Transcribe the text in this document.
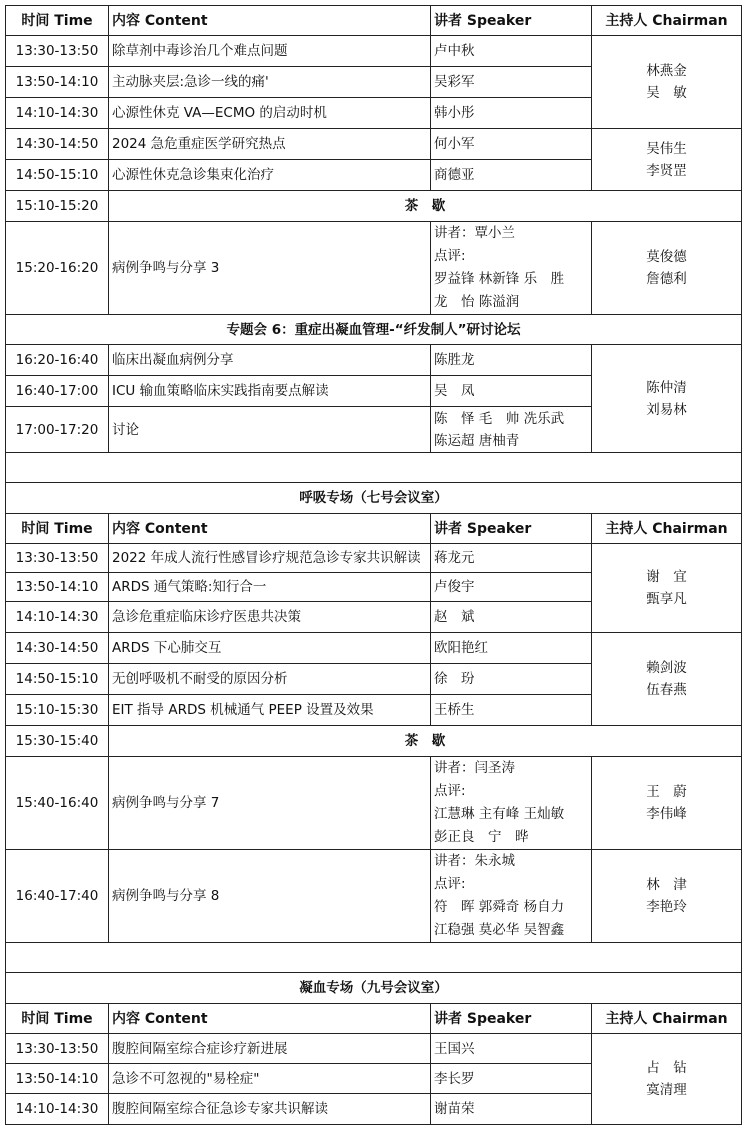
时间 Time	内容 Content	讲者 Speaker	主持人 Chairman
13:30-13:50	除草剂中毒诊治几个难点问题	卢中秋	林燕金
吴　敏

13:50-14:10	主动脉夹层:急诊一线的痛'	吴彩军	
14:10-14:30	心源性休克 VA—ECMO 的启动时机	韩小彤	
14:30-14:50	2024 急危重症医学研究热点	何小军	吴伟生
李贤罡

14:50-15:10	心源性休克急诊集束化治疗	商德亚	
15:10-15:20	茶　歇		
15:20-16:20	病例争鸣与分享 3	讲者：覃小兰
点评:
罗益锋 林新锋 乐　胜
龙　怡 陈溢润	莫俊德
詹德利

专题会 6：重症出凝血管理-“纤发制人”研讨论坛			
16:20-16:40	临床出凝血病例分享	陈胜龙	陈仲清
刘易林

16:40-17:00	ICU 输血策略临床实践指南要点解读	吴　凤	
17:00-17:20	讨论	陈　怿 毛　帅 冼乐武
陈运超 唐柚青	

呼吸专场（七号会议室）			
时间 Time	内容 Content	讲者 Speaker	主持人 Chairman
13:30-13:50	2022 年成人流行性感冒诊疗规范急诊专家共识解读	蒋龙元	谢　宜
甄享凡

13:50-14:10	ARDS 通气策略:知行合一	卢俊宇	
14:10-14:30	急诊危重症临床诊疗医患共决策	赵　斌	
14:30-14:50	ARDS 下心肺交互	欧阳艳红	赖剑波
伍春燕

14:50-15:10	无创呼吸机不耐受的原因分析	徐　玢	
15:10-15:30	EIT 指导 ARDS 机械通气 PEEP 设置及效果	王桥生	
15:30-15:40	茶　歇		
15:40-16:40	病例争鸣与分享 7	讲者：闫圣涛
点评:
江慧琳 主有峰 王灿敏
彭正良　宁　晔	王　蔚
李伟峰

16:40-17:40	病例争鸣与分享 8	讲者：朱永城
点评:
符　晖 郭舜奇 杨自力
江稳强 莫必华 吴智鑫	林　津
李艳玲

凝血专场（九号会议室）			
时间 Time	内容 Content	讲者 Speaker	主持人 Chairman
13:30-13:50	腹腔间隔室综合症诊疗新进展	王国兴	占　钻
寞清理

13:50-14:10	急诊不可忽视的"易栓症"	李长罗	
14:10-14:30	腹腔间隔室综合征急诊专家共识解读	谢苗荣	
